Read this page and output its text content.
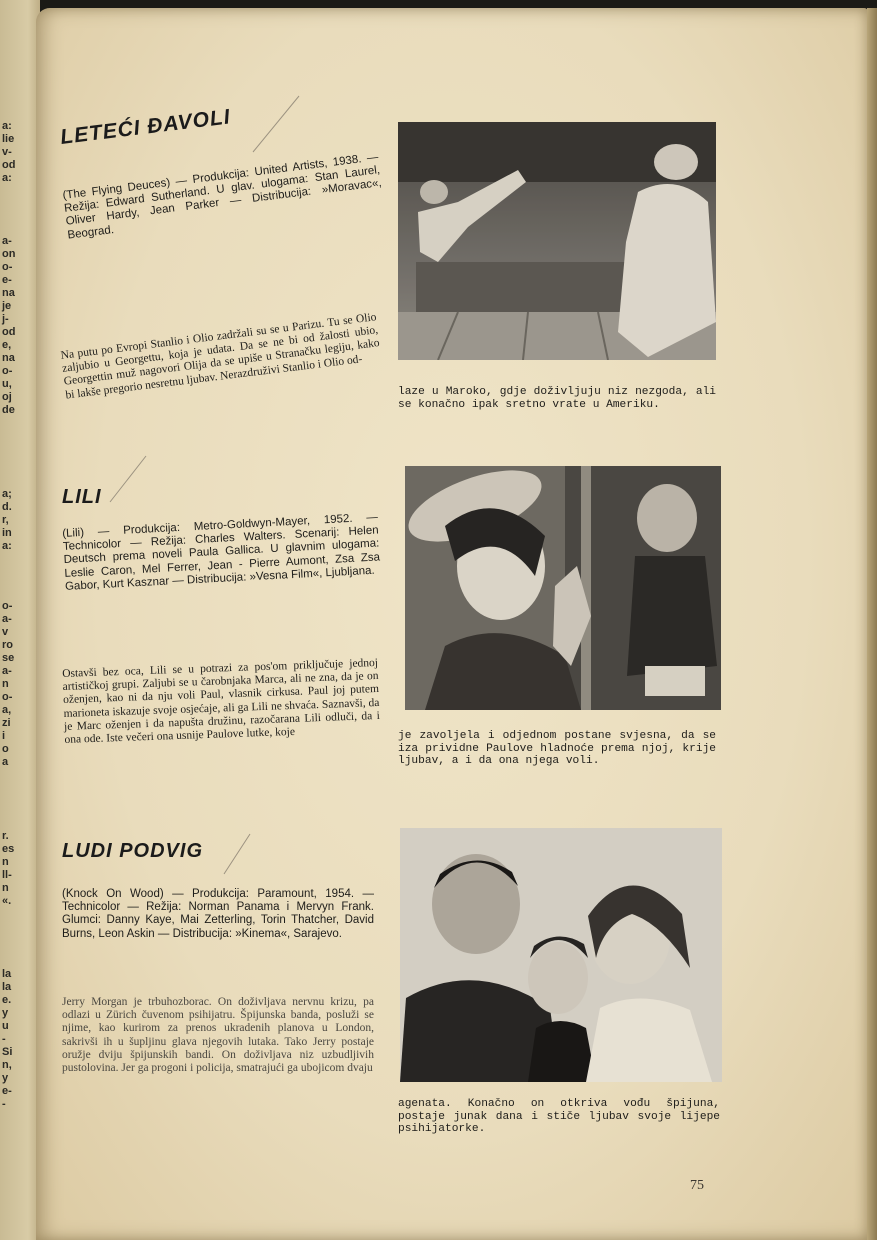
a:
lie
v-
od
a:
a-
on
o-
e-
na
je
j-
od
e,
na
o-
u,
oj
de
a;
d.
r,
in
a:
o-
a-
v
ro
se
a-
n
o-
a,
zi
i
o
a
r.
es
n
ll-
n
«.
la
la
e.
y
u
-
Si
n,
y
e-
-
LETEĆI ĐAVOLI
(The Flying Deuces) — Produkcija: United Artists, 1938. — Režija: Edward Sutherland. U glav. ulogama: Stan Laurel, Oliver Hardy, Jean Parker — Distribucija: »Moravac«, Beograd.
Na putu po Evropi Stanlio i Olio zadržali su se u Parizu. Tu se Olio zaljubio u Georgettu, koja je udata. Da se ne bi od žalosti ubio, Georgettin muž nagovori Olija da se upiše u Stranačku legiju, kako bi lakše pregorio nesretnu ljubav. Nerazdruživi Stanlio i Olio od-	laze u Maroko, gdje doživljuju niz nezgoda, ali se konačno ipak sretno vrate u Ameriku.
LILI
(Lili) — Produkcija: Metro-Goldwyn-Mayer, 1952. — Technicolor — Režija: Charles Walters. Scenarij: Helen Deutsch prema noveli Paula Gallica. U glavnim ulogama: Leslie Caron, Mel Ferrer, Jean - Pierre Aumont, Zsa Zsa Gabor, Kurt Kasznar — Distribucija: »Vesna Film«, Ljubljana.
Ostavši bez oca, Lili se u potrazi za pos'om priključuje jednoj artističkoj grupi. Zaljubi se u čarobnjaka Marca, ali ne zna, da je on oženjen, kao ni da nju voli Paul, vlasnik cirkusa. Paul joj putem marioneta iskazuje svoje osjećaje, ali ga Lili ne shvaća. Saznavši, da je Marc oženjen i da napušta družinu, razočarana Lili odluči, da i ona ode. Iste večeri ona usnije Paulove lutke, koje	je zavoljela i odjednom postane svjesna, da se iza prividne Paulove hladnoće prema njoj, krije ljubav, a i da ona njega voli.
LUDI PODVIG
(Knock On Wood) — Produkcija: Paramount, 1954. — Technicolor — Režija: Norman Panama i Mervyn Frank. Glumci: Danny Kaye, Mai Zetterling, Torin Thatcher, David Burns, Leon Askin — Distribucija: »Kinema«, Sarajevo.
Jerry Morgan je trbuhozborac. On doživljava nervnu krizu, pa odlazi u Zürich čuvenom psihijatru. Špijunska banda, posluži se njime, kao kurirom za prenos ukradenih planova u London, sakrivši ih u šupljinu glava njegovih lutaka. Tako Jerry postaje oružje dviju špijunskih bandi. On doživljava niz uzbudljivih pustolovina. Jer ga progoni i policija, smatrajući ga ubojicom dvaju
agenata. Konačno on otkriva vođu špijuna, postaje junak dana i stiče ljubav svoje lijepe psihijatorke.
75
